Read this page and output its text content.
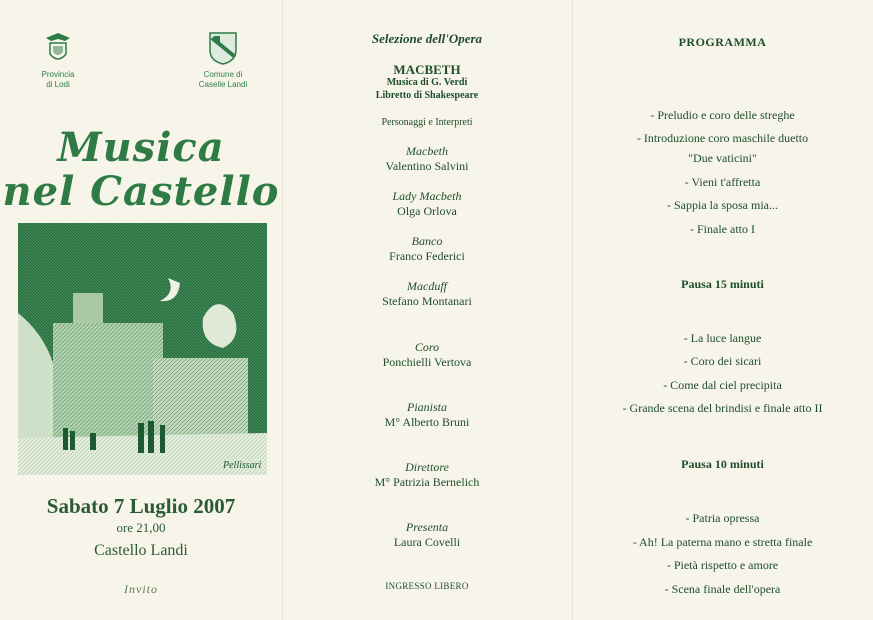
Provincia
di Lodi
Comune di
Caselle Landi
Musica
nel Castello
Pellissari
Sabato 7 Luglio 2007
ore 21,00
Castello Landi
Invito
Selezione dell'Opera
MACBETH
Musica di G. Verdi
Libretto di Shakespeare
Personaggi e Interpreti
Macbeth
Valentino Salvini
Lady Macbeth
Olga Orlova
Banco
Franco Federici
Macduff
Stefano Montanari
Coro
Ponchielli Vertova
Pianista
M° Alberto Bruni
Direttore
M° Patrizia Bernelich
Presenta
Laura Covelli
INGRESSO LIBERO
PROGRAMMA
- Preludio e coro delle streghe
- Introduzione coro maschile duetto
"Due vaticini"
- Vieni t'affretta
- Sappia la sposa mia...
- Finale atto I
Pausa 15 minuti
- La luce langue
- Coro dei sicari
- Come dal ciel precipita
- Grande scena del brindisi e finale atto II
Pausa 10 minuti
- Patria opressa
- Ah! La paterna mano e stretta finale
- Pietà rispetto e amore
- Scena finale dell'opera
